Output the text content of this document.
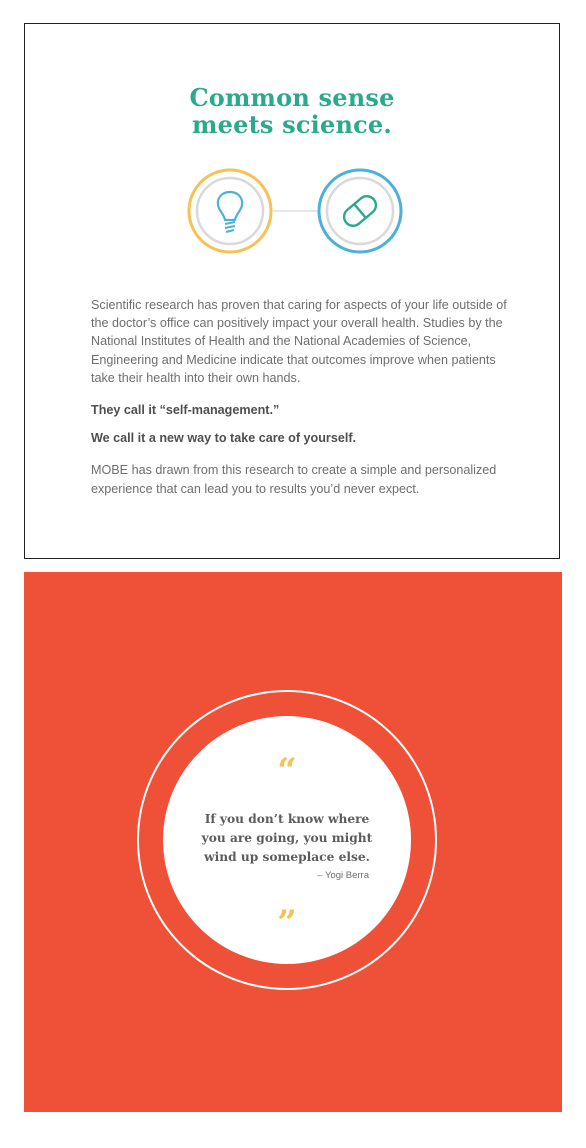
Common sense
meets science.

Scientific research has proven that caring for aspects of your life outside of the doctor’s office can positively impact your overall health. Studies by the National Institutes of Health and the National Academies of Science, Engineering and Medicine indicate that outcomes improve when patients take their health into their own hands.

They call it “self-management.”

We call it a new way to take care of yourself.

MOBE has drawn from this research to create a simple and personalized experience that can lead you to results you’d never expect.

“
If you don’t know where
you are going, you might
wind up someplace else.
– Yogi Berra
”
